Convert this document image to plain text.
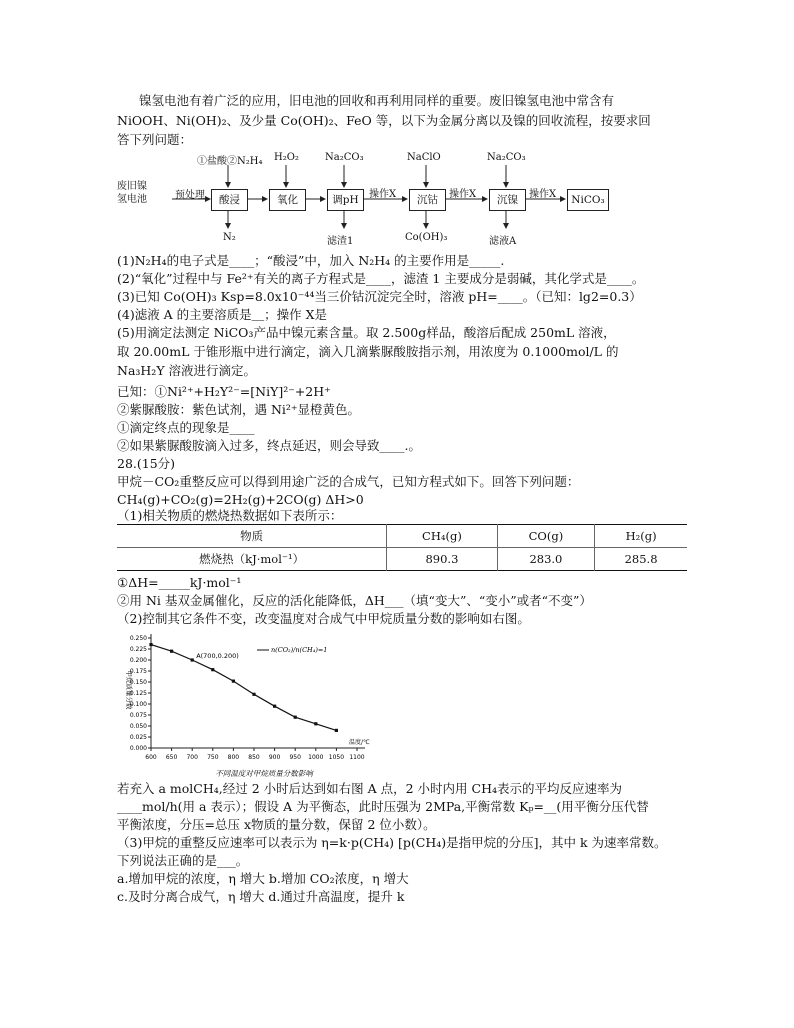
镍氢电池有着广泛的应用，旧电池的回收和再利用同样的重要。废旧镍氢电池中常含有
NiOOH、Ni(OH)₂、及少量 Co(OH)₂、FeO 等，以下为金属分离以及镍的回收流程，按要求回
答下列问题：
废旧镍
氢电池	预处理	酸浸	氧化	调pH	沉钴	沉镍	NiCO₃
①盐酸②N₂H₄ H₂O₂	Na₂CO₃	NaClO	Na₂CO₃
操作X
操作X	操作X
N₂	滤渣1	Co(OH)₃	滤液A
(1)N₂H₄的电子式是____；“酸浸”中，加入 N₂H₄ 的主要作用是_____.
(2)“氧化”过程中与 Fe²⁺有关的离子方程式是____，滤渣 1 主要成分是弱碱，其化学式是____。
(3)已知 Co(OH)₃ Ksp=8.0x10⁻⁴⁴当三价钴沉淀完全时，溶液 pH=____。（已知：lg2=0.3）
(4)滤液 A 的主要溶质是＿；操作 X是
(5)用滴定法测定 NiCO₃产品中镍元素含量。取 2.500g样品，酸溶后配成 250mL 溶液，
取 20.00mL 于锥形瓶中进行滴定，滴入几滴紫脲酸胺指示剂，用浓度为 0.1000mol/L 的
Na₃H₂Y 溶液进行滴定。
已知：①Ni²⁺+H₂Y²⁻=[NiY]²⁻+2H⁺
②紫脲酸胺：紫色试剂，遇 Ni²⁺显橙黄色。
①滴定终点的现象是____
②如果紫脲酸胺滴入过多，终点延迟，则会导致____.。
28.(15分)
甲烷－CO₂重整反应可以得到用途广泛的合成气，已知方程式如下。回答下列问题：
CH₄(g)+CO₂(g)=2H₂(g)+2CO(g) ΔH>0
（1)相关物质的燃烧热数据如下表所示：
物质	CH₄(g)	CO(g)	H₂(g)
燃烧热（kJ·mol⁻¹）	890.3	283.0	285.8
①ΔH=_____kJ·mol⁻¹
②用 Ni 基双金属催化，反应的活化能降低，ΔH___（填“变大”、“变小”或者“不变”）
（2)控制其它条件不变，改变温度对合成气中甲烷质量分数的影响如右图。
600 650 700 750 800 850 900 950 1000 1050 1100
0.000
0.025
0.050
0.075
0.100
0.125
0.150
0.175
0.200
0.225
0.250
A(700,0.200)
n(CO₂)/n(CH₄)=1
温度/℃
甲烷质量分数
不同温度对甲烷质量分数影响
若充入 a molCH₄,经过 2 小时后达到如右图 A 点，2 小时内用 CH₄表示的平均反应速率为
____mol/h(用 a 表示）；假设 A 为平衡态，此时压强为 2MPa,平衡常数 Kₚ=__(用平衡分压代替
平衡浓度，分压=总压 x物质的量分数，保留 2 位小数）。
（3)甲烷的重整反应速率可以表示为 η=k·p(CH₄) [p(CH₄)是指甲烷的分压]，其中 k 为速率常数。
下列说法正确的是___。
a.增加甲烷的浓度，η 增大 b.增加 CO₂浓度，η 增大
c.及时分离合成气，η 增大 d.通过升高温度，提升 k
